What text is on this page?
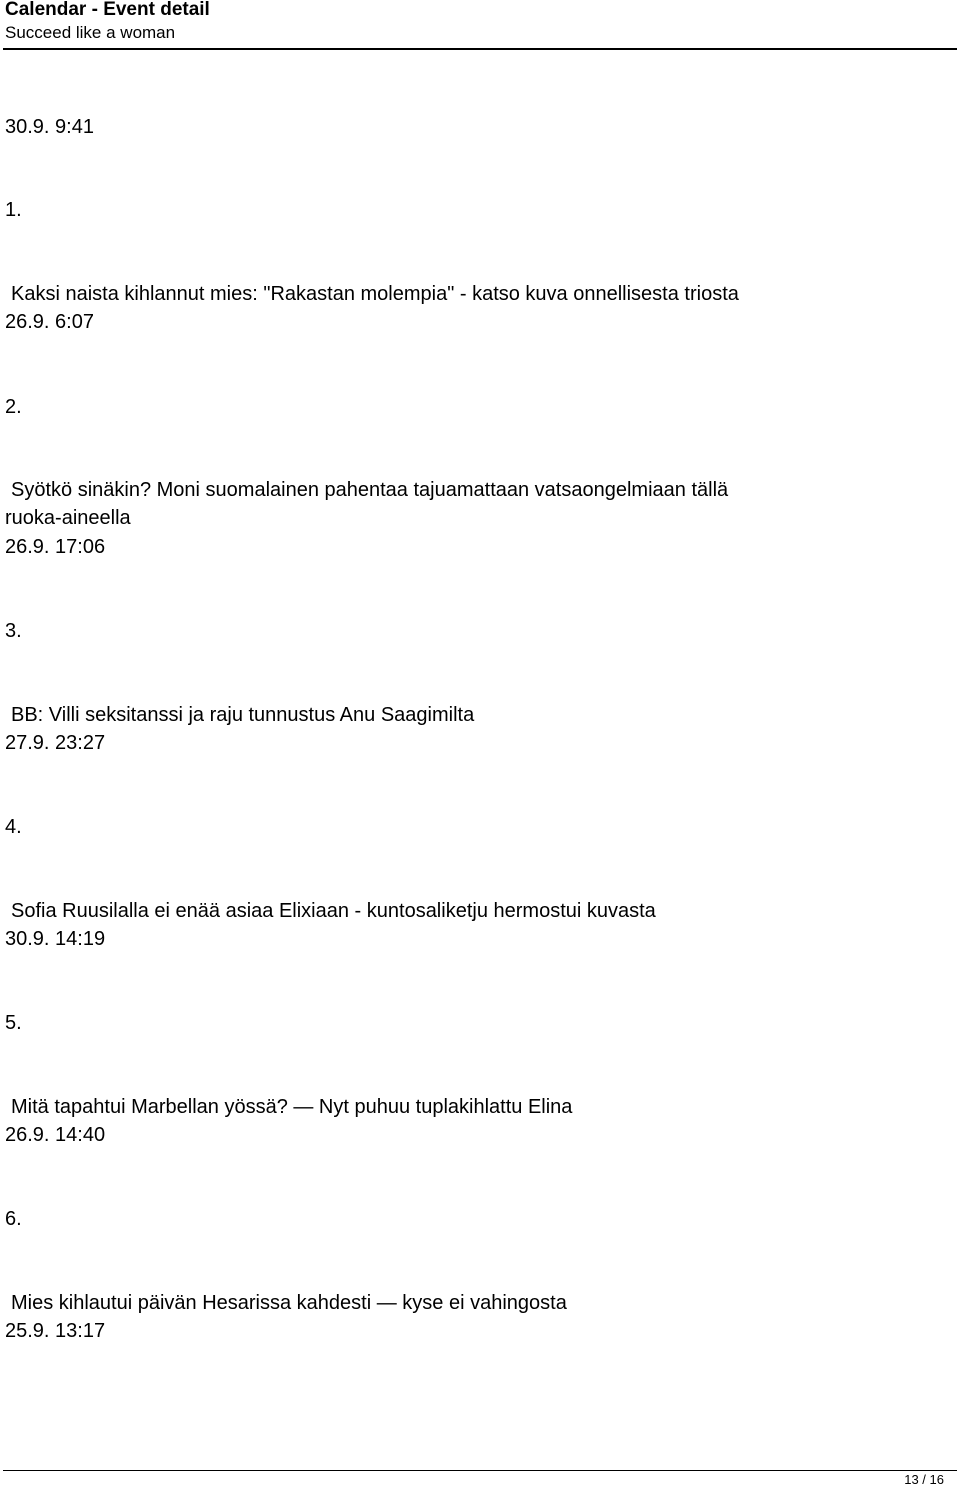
Calendar - Event detail
Succeed like a woman
30.9. 9:41
1.
Kaksi naista kihlannut mies: "Rakastan molempia" - katso kuva onnellisesta triosta
26.9. 6:07
2.
Syötkö sinäkin? Moni suomalainen pahentaa tajuamattaan vatsaongelmiaan tällä
ruoka-aineella
26.9. 17:06
3.
BB: Villi seksitanssi ja raju tunnustus Anu Saagimilta
27.9. 23:27
4.
Sofia Ruusilalla ei enää asiaa Elixiaan - kuntosaliketju hermostui kuvasta
30.9. 14:19
5.
Mitä tapahtui Marbellan yössä? — Nyt puhuu tuplakihlattu Elina
26.9. 14:40
6.
Mies kihlautui päivän Hesarissa kahdesti — kyse ei vahingosta
25.9. 13:17
13 / 16
